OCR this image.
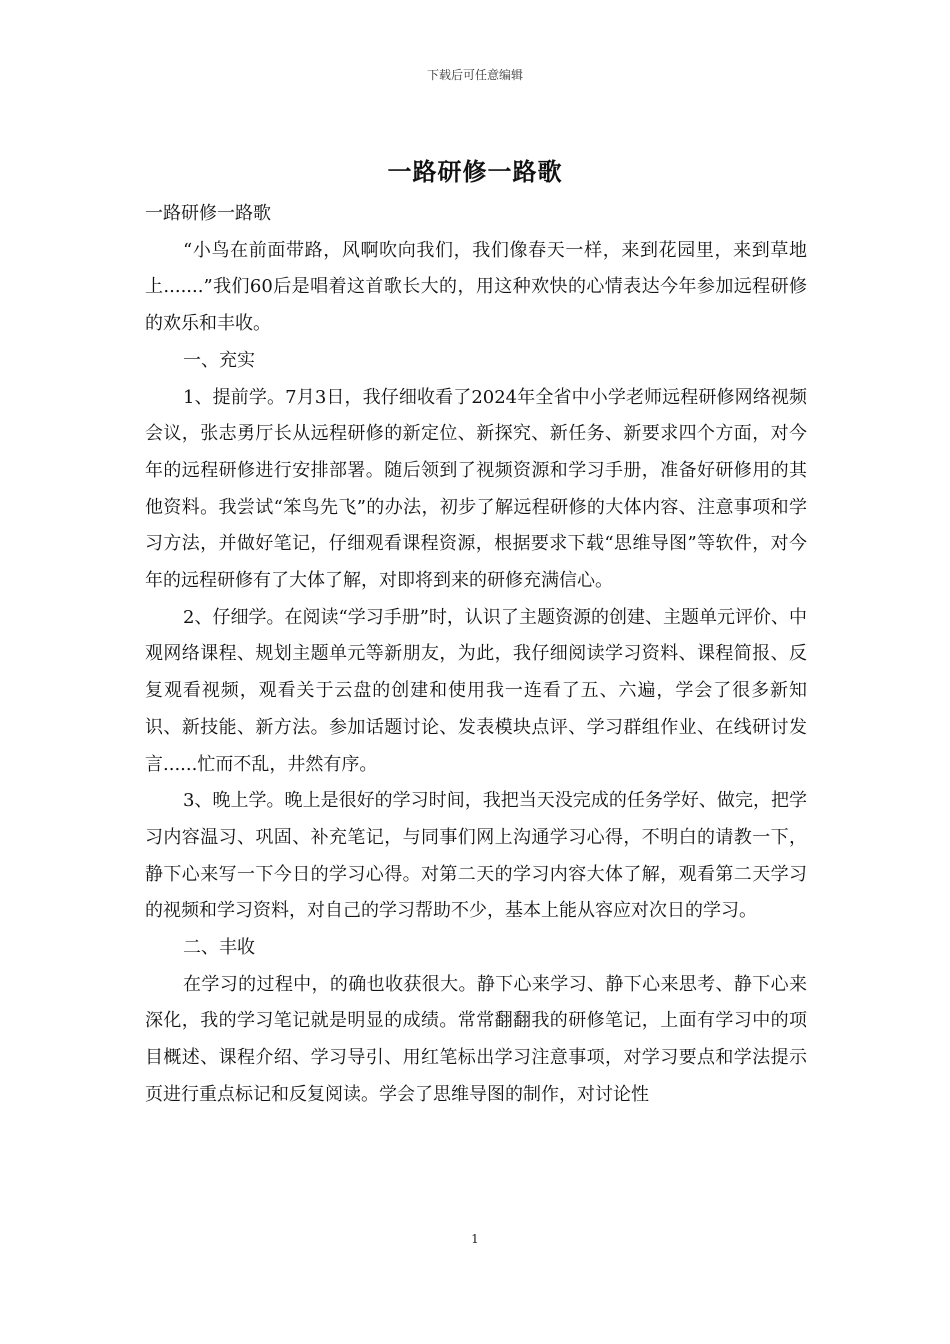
下载后可任意编辑
一路研修一路歌

一路研修一路歌

“小鸟在前面带路，风啊吹向我们，我们像春天一样，来到花园里，来到草地上.......”我们60后是唱着这首歌长大的，用这种欢快的心情表达今年参加远程研修的欢乐和丰收。

一、充实

1、提前学。7月3日，我仔细收看了2024年全省中小学老师远程研修网络视频会议，张志勇厅长从远程研修的新定位、新探究、新任务、新要求四个方面，对今年的远程研修进行安排部署。随后领到了视频资源和学习手册，准备好研修用的其他资料。我尝试“笨鸟先飞”的办法，初步了解远程研修的大体内容、注意事项和学习方法，并做好笔记，仔细观看课程资源，根据要求下载“思维导图”等软件，对今年的远程研修有了大体了解，对即将到来的研修充满信心。

2、仔细学。在阅读“学习手册”时，认识了主题资源的创建、主题单元评价、中观网络课程、规划主题单元等新朋友，为此，我仔细阅读学习资料、课程简报、反复观看视频，观看关于云盘的创建和使用我一连看了五、六遍，学会了很多新知识、新技能、新方法。参加话题讨论、发表模块点评、学习群组作业、在线研讨发言......忙而不乱，井然有序。

3、晚上学。晚上是很好的学习时间，我把当天没完成的任务学好、做完，把学习内容温习、巩固、补充笔记，与同事们网上沟通学习心得，不明白的请教一下，静下心来写一下今日的学习心得。对第二天的学习内容大体了解，观看第二天学习的视频和学习资料，对自己的学习帮助不少，基本上能从容应对次日的学习。

二、丰收

在学习的过程中，的确也收获很大。静下心来学习、静下心来思考、静下心来深化，我的学习笔记就是明显的成绩。常常翻翻我的研修笔记，上面有学习中的项目概述、课程介绍、学习导引、用红笔标出学习注意事项，对学习要点和学法提示页进行重点标记和反复阅读。学会了思维导图的制作，对讨论性

1
